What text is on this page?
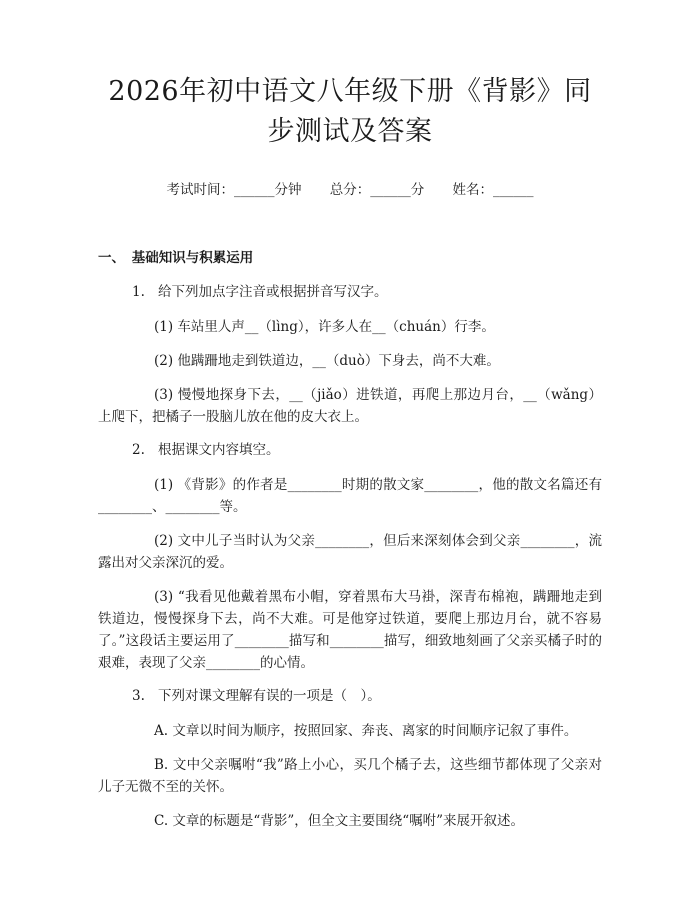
2026年初中语文八年级下册《背影》同步测试及答案
考试时间：______分钟 总分：______分 姓名：______
一、　基础知识与积累运用
1. 给下列加点字注音或根据拼音写汉字。

(1) 车站里人声__（lìng），许多人在__（chuán）行李。

(2) 他蹒跚地走到铁道边，__（duò）下身去，尚不大难。

(3) 慢慢地探身下去，__（jiǎo）进铁道，再爬上那边月台，__（wǎng）上爬下，把橘子一股脑儿放在他的皮大衣上。

2. 根据课文内容填空。

(1) 《背影》的作者是________时期的散文家________，他的散文名篇还有________、________等。

(2) 文中儿子当时认为父亲________，但后来深刻体会到父亲________，流露出对父亲深沉的爱。

(3) “我看见他戴着黑布小帽，穿着黑布大马褂，深青布棉袍，蹒跚地走到铁道边，慢慢探身下去，尚不大难。可是他穿过铁道，要爬上那边月台，就不容易了。”这段话主要运用了________描写和________描写，细致地刻画了父亲买橘子时的艰难，表现了父亲________的心情。

3. 下列对课文理解有误的一项是（　）。

A. 文章以时间为顺序，按照回家、奔丧、离家的时间顺序记叙了事件。

B. 文中父亲嘱咐“我”路上小心，买几个橘子去，这些细节都体现了父亲对儿子无微不至的关怀。

C. 文章的标题是“背影”，但全文主要围绕“嘱咐”来展开叙述。
